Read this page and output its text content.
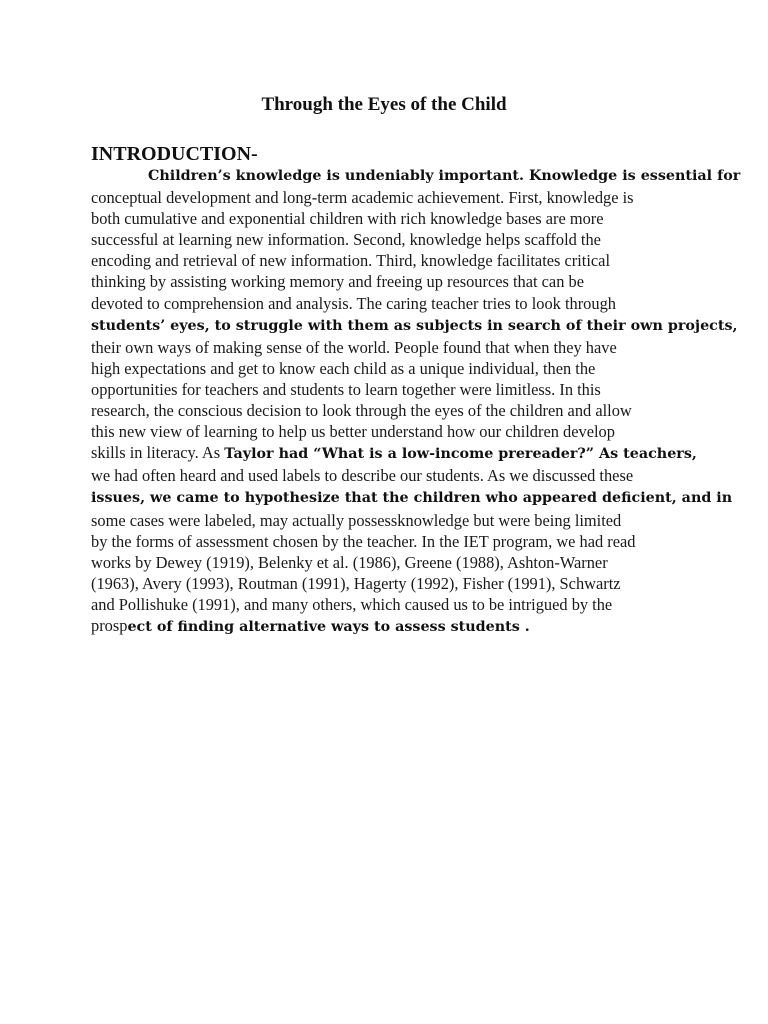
Through the Eyes of the Child
INTRODUCTION-
Children’s knowledge is undeniably important. Knowledge is essential for
conceptual development and long-term academic achievement. First, knowledge is
both cumulative and exponential children with rich knowledge bases are more
successful at learning new information. Second, knowledge helps scaffold the
encoding and retrieval of new information. Third, knowledge facilitates critical
thinking by assisting working memory and freeing up resources that can be
devoted to comprehension and analysis. The caring teacher tries to look through
students’ eyes, to struggle with them as subjects in search of their own projects,
their own ways of making sense of the world. People found that when they have
high expectations and get to know each child as a unique individual, then the
opportunities for teachers and students to learn together were limitless. In this
research, the conscious decision to look through the eyes of the children and allow
this new view of learning to help us better understand how our children develop
skills in literacy. As Taylor had “What is a low-income prereader?” As teachers,
we had often heard and used labels to describe our students. As we discussed these
issues, we came to hypothesize that the children who appeared deficient, and in
some cases were labeled, may actually possessknowledge but were being limited
by the forms of assessment chosen by the teacher. In the IET program, we had read
works by Dewey (1919), Belenky et al. (1986), Greene (1988), Ashton-Warner
(1963), Avery (1993), Routman (1991), Hagerty (1992), Fisher (1991), Schwartz
and Pollishuke (1991), and many others, which caused us to be intrigued by the
prospect of finding alternative ways to assess students .
